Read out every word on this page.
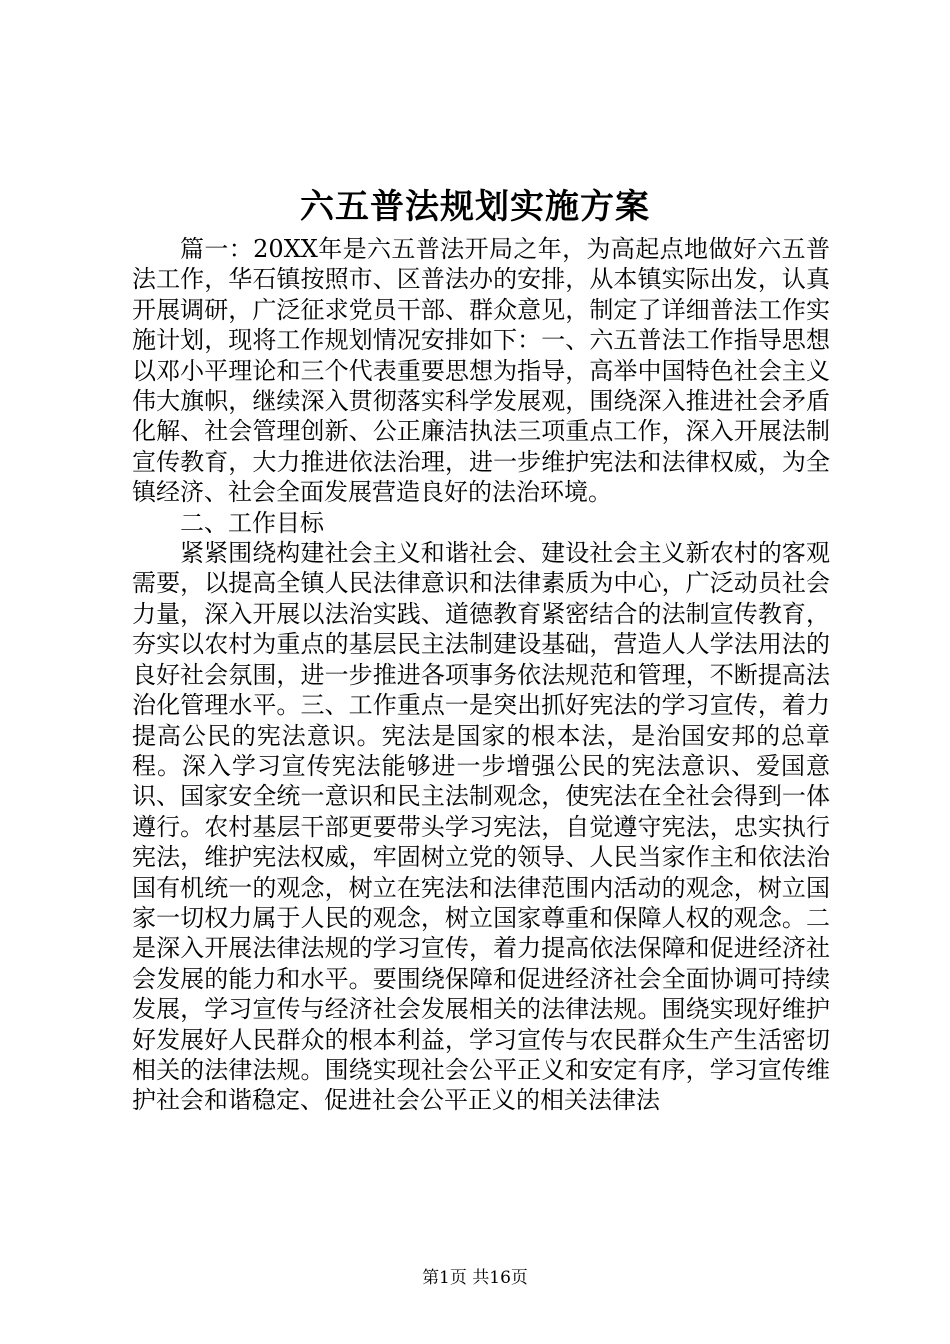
六五普法规划实施方案

篇一：20XX年是六五普法开局之年，为高起点地做好六五普法工作，华石镇按照市、区普法办的安排，从本镇实际出发，认真开展调研，广泛征求党员干部、群众意见，制定了详细普法工作实施计划，现将工作规划情况安排如下：一、六五普法工作指导思想以邓小平理论和三个代表重要思想为指导，高举中国特色社会主义伟大旗帜，继续深入贯彻落实科学发展观，围绕深入推进社会矛盾化解、社会管理创新、公正廉洁执法三项重点工作，深入开展法制宣传教育，大力推进依法治理，进一步维护宪法和法律权威，为全镇经济、社会全面发展营造良好的法治环境。

二、工作目标

紧紧围绕构建社会主义和谐社会、建设社会主义新农村的客观需要，以提高全镇人民法律意识和法律素质为中心，广泛动员社会力量，深入开展以法治实践、道德教育紧密结合的法制宣传教育，夯实以农村为重点的基层民主法制建设基础，营造人人学法用法的良好社会氛围，进一步推进各项事务依法规范和管理，不断提高法治化管理水平。三、工作重点一是突出抓好宪法的学习宣传，着力提高公民的宪法意识。宪法是国家的根本法，是治国安邦的总章程。深入学习宣传宪法能够进一步增强公民的宪法意识、爱国意识、国家安全统一意识和民主法制观念，使宪法在全社会得到一体遵行。农村基层干部更要带头学习宪法，自觉遵守宪法，忠实执行宪法，维护宪法权威，牢固树立党的领导、人民当家作主和依法治国有机统一的观念，树立在宪法和法律范围内活动的观念，树立国家一切权力属于人民的观念，树立国家尊重和保障人权的观念。二是深入开展法律法规的学习宣传，着力提高依法保障和促进经济社会发展的能力和水平。要围绕保障和促进经济社会全面协调可持续发展，学习宣传与经济社会发展相关的法律法规。围绕实现好维护好发展好人民群众的根本利益，学习宣传与农民群众生产生活密切相关的法律法规。围绕实现社会公平正义和安定有序，学习宣传维护社会和谐稳定、促进社会公平正义的相关法律法

第1页 共16页
